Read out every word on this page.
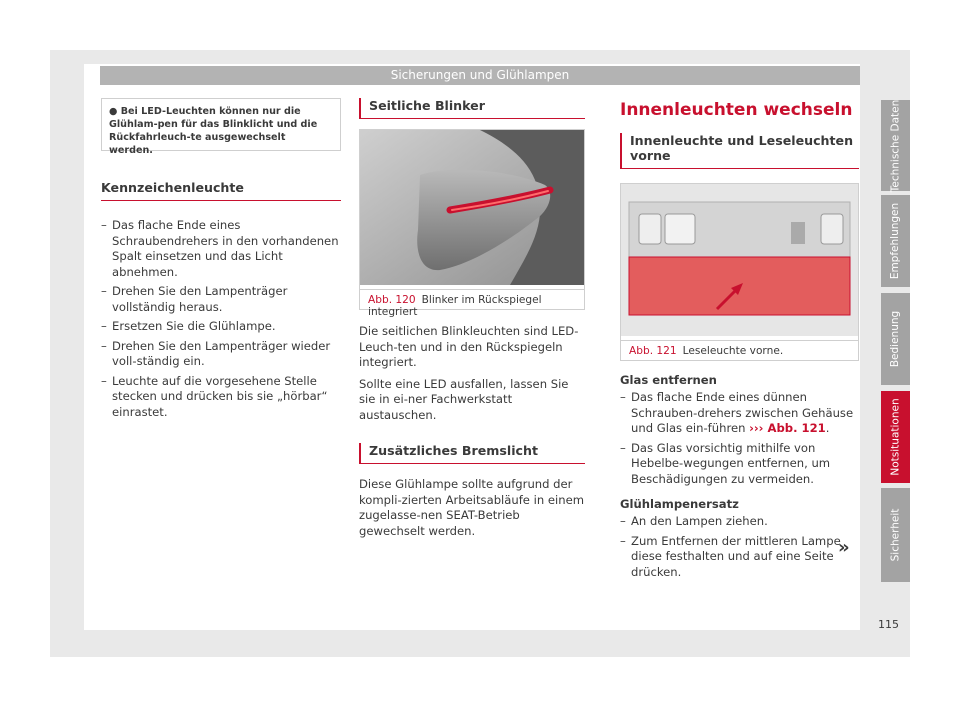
Sicherungen und Glühlampen
● Bei LED-Leuchten können nur die Glühlam-pen für das Blinklicht und die Rückfahrleuch-te ausgewechselt werden.
Kennzeichenleuchte
– Das flache Ende eines Schraubendrehers in den vorhandenen Spalt einsetzen und das Licht abnehmen.
– Drehen Sie den Lampenträger vollständig heraus.
– Ersetzen Sie die Glühlampe.
– Drehen Sie den Lampenträger wieder voll-ständig ein.
– Leuchte auf die vorgesehene Stelle stecken und drücken bis sie „hörbar“ einrastet.
Seitliche Blinker
Abb. 120 Blinker im Rückspiegel integriert

Die seitlichen Blinkleuchten sind LED-Leuch-ten und in den Rückspiegeln integriert.

Sollte eine LED ausfallen, lassen Sie sie in ei-ner Fachwerkstatt austauschen.

Zusätzliches Bremslicht

Diese Glühlampe sollte aufgrund der kompli-zierten Arbeitsabläufe in einem zugelasse-nen SEAT-Betrieb gewechselt werden.

Innenleuchten wechseln
Innenleuchte und Leseleuchten vorne
Abb. 121 Leseleuchte vorne.
Glas entfernen
– Das flache Ende eines dünnen Schrauben-drehers zwischen Gehäuse und Glas ein-führen ››› Abb. 121.
– Das Glas vorsichtig mithilfe von Hebelbe-wegungen entfernen, um Beschädigungen zu vermeiden.
Glühlampenersatz
– An den Lampen ziehen.
– Zum Entfernen der mittleren Lampe diese festhalten und auf eine Seite drücken.
»
Technische Daten
Empfehlungen
Bedienung
Notsituationen
Sicherheit
115
